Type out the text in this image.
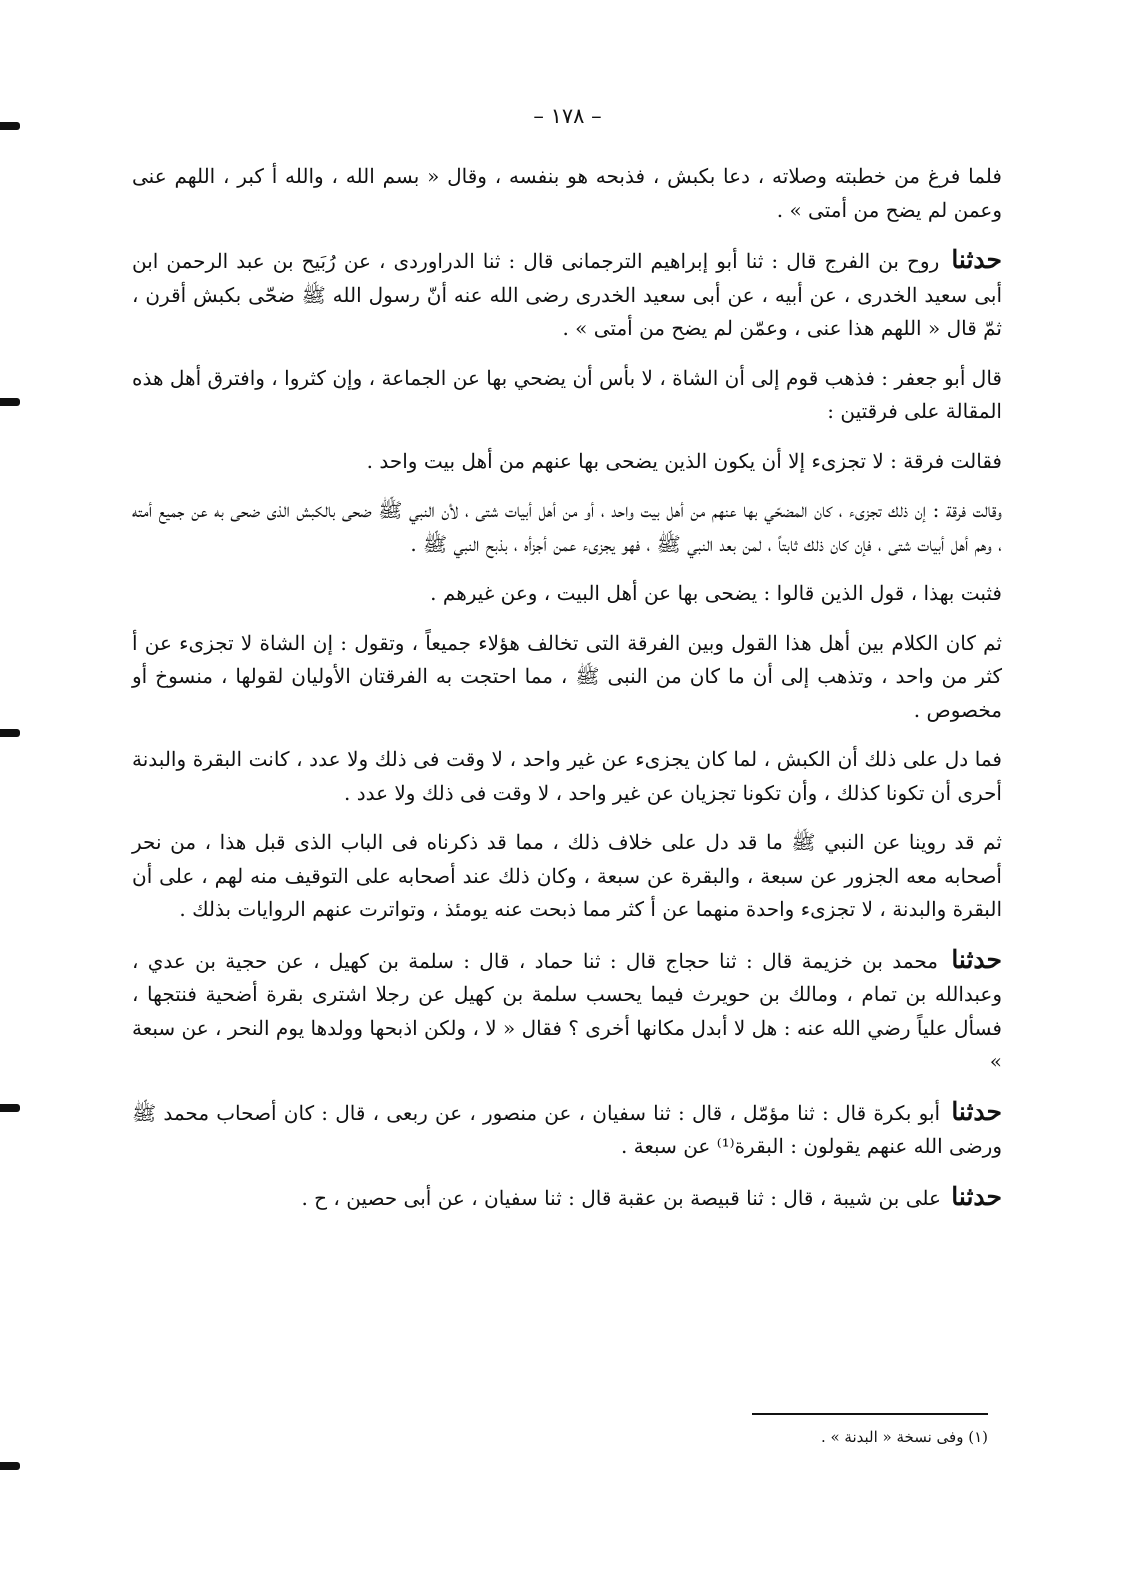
– ١٧٨ –

فلما فرغ من خطبته وصلاته ، دعا بكبش ، فذبحه هو بنفسه ، وقال « بسم الله ، والله أ كبر ، اللهم عنى وعمن لم يضح من أمتى » .

حدثنا روح بن الفرج قال : ثنا أبو إبراهيم الترجمانى قال : ثنا الدراوردى ، عن رُبَيح بن عبد الرحمن ابن أبى سعيد الخدرى ، عن أبيه ، عن أبى سعيد الخدرى رضى الله عنه أنّ رسول الله ﷺ ضحّى بكبش أقرن ، ثمّ قال « اللهم هذا عنى ، وعمّن لم يضح من أمتى » .

قال أبو جعفر : فذهب قوم إلى أن الشاة ، لا بأس أن يضحي بها عن الجماعة ، وإن كثروا ، وافترق أهل هذه المقالة على فرقتين :

فقالت فرقة : لا تجزىء إلا أن يكون الذين يضحى بها عنهم من أهل بيت واحد .

وقالت فرقة : إن ذلك تجزىء ، كان المضحّي بها عنهم من أهل بيت واحد ، أو من أهل أبيات شتى ، لأن النبي ﷺ ضحى بالكبش الذى ضحى به عن جميع أمته ، وهم أهل أبيات شتى ، فإن كان ذلك ثابتاً ، لمن بعد النبي ﷺ ، فهو يجزىء عمن أجزأه ، بذبح النبي ﷺ .

فثبت بهذا ، قول الذين قالوا : يضحى بها عن أهل البيت ، وعن غيرهم .

ثم كان الكلام بين أهل هذا القول وبين الفرقة التى تخالف هؤلاء جميعاً ، وتقول : إن الشاة لا تجزىء عن أ كثر من واحد ، وتذهب إلى أن ما كان من النبى ﷺ ، مما احتجت به الفرقتان الأوليان لقولها ، منسوخ أو مخصوص .

فما دل على ذلك أن الكبش ، لما كان يجزىء عن غير واحد ، لا وقت فى ذلك ولا عدد ، كانت البقرة والبدنة أحرى أن تكونا كذلك ، وأن تكونا تجزيان عن غير واحد ، لا وقت فى ذلك ولا عدد .

ثم قد روينا عن النبي ﷺ ما قد دل على خلاف ذلك ، مما قد ذكرناه فى الباب الذى قبل هذا ، من نحر أصحابه معه الجزور عن سبعة ، والبقرة عن سبعة ، وكان ذلك عند أصحابه على التوقيف منه لهم ، على أن البقرة والبدنة ، لا تجزىء واحدة منهما عن أ كثر مما ذبحت عنه يومئذ ، وتواترت عنهم الروايات بذلك .

حدثنا محمد بن خزيمة قال : ثنا حجاج قال : ثنا حماد ، قال : سلمة بن كهيل ، عن حجية بن عدي ، وعبدالله بن تمام ، ومالك بن حويرث فيما يحسب سلمة بن كهيل عن رجلا اشترى بقرة أضحية فنتجها ، فسأل علياً رضي الله عنه : هل لا أبدل مكانها أخرى ؟ فقال « لا ، ولكن اذبحها وولدها يوم النحر ، عن سبعة »

حدثنا أبو بكرة قال : ثنا مؤمّل ، قال : ثنا سفيان ، عن منصور ، عن ربعى ، قال : كان أصحاب محمد ﷺ ورضى الله عنهم يقولون : البقرة⁽¹⁾ عن سبعة .

حدثنا على بن شيبة ، قال : ثنا قبيصة بن عقبة قال : ثنا سفيان ، عن أبى حصين ، ح .

(١) وفى نسخة « البدنة » .
